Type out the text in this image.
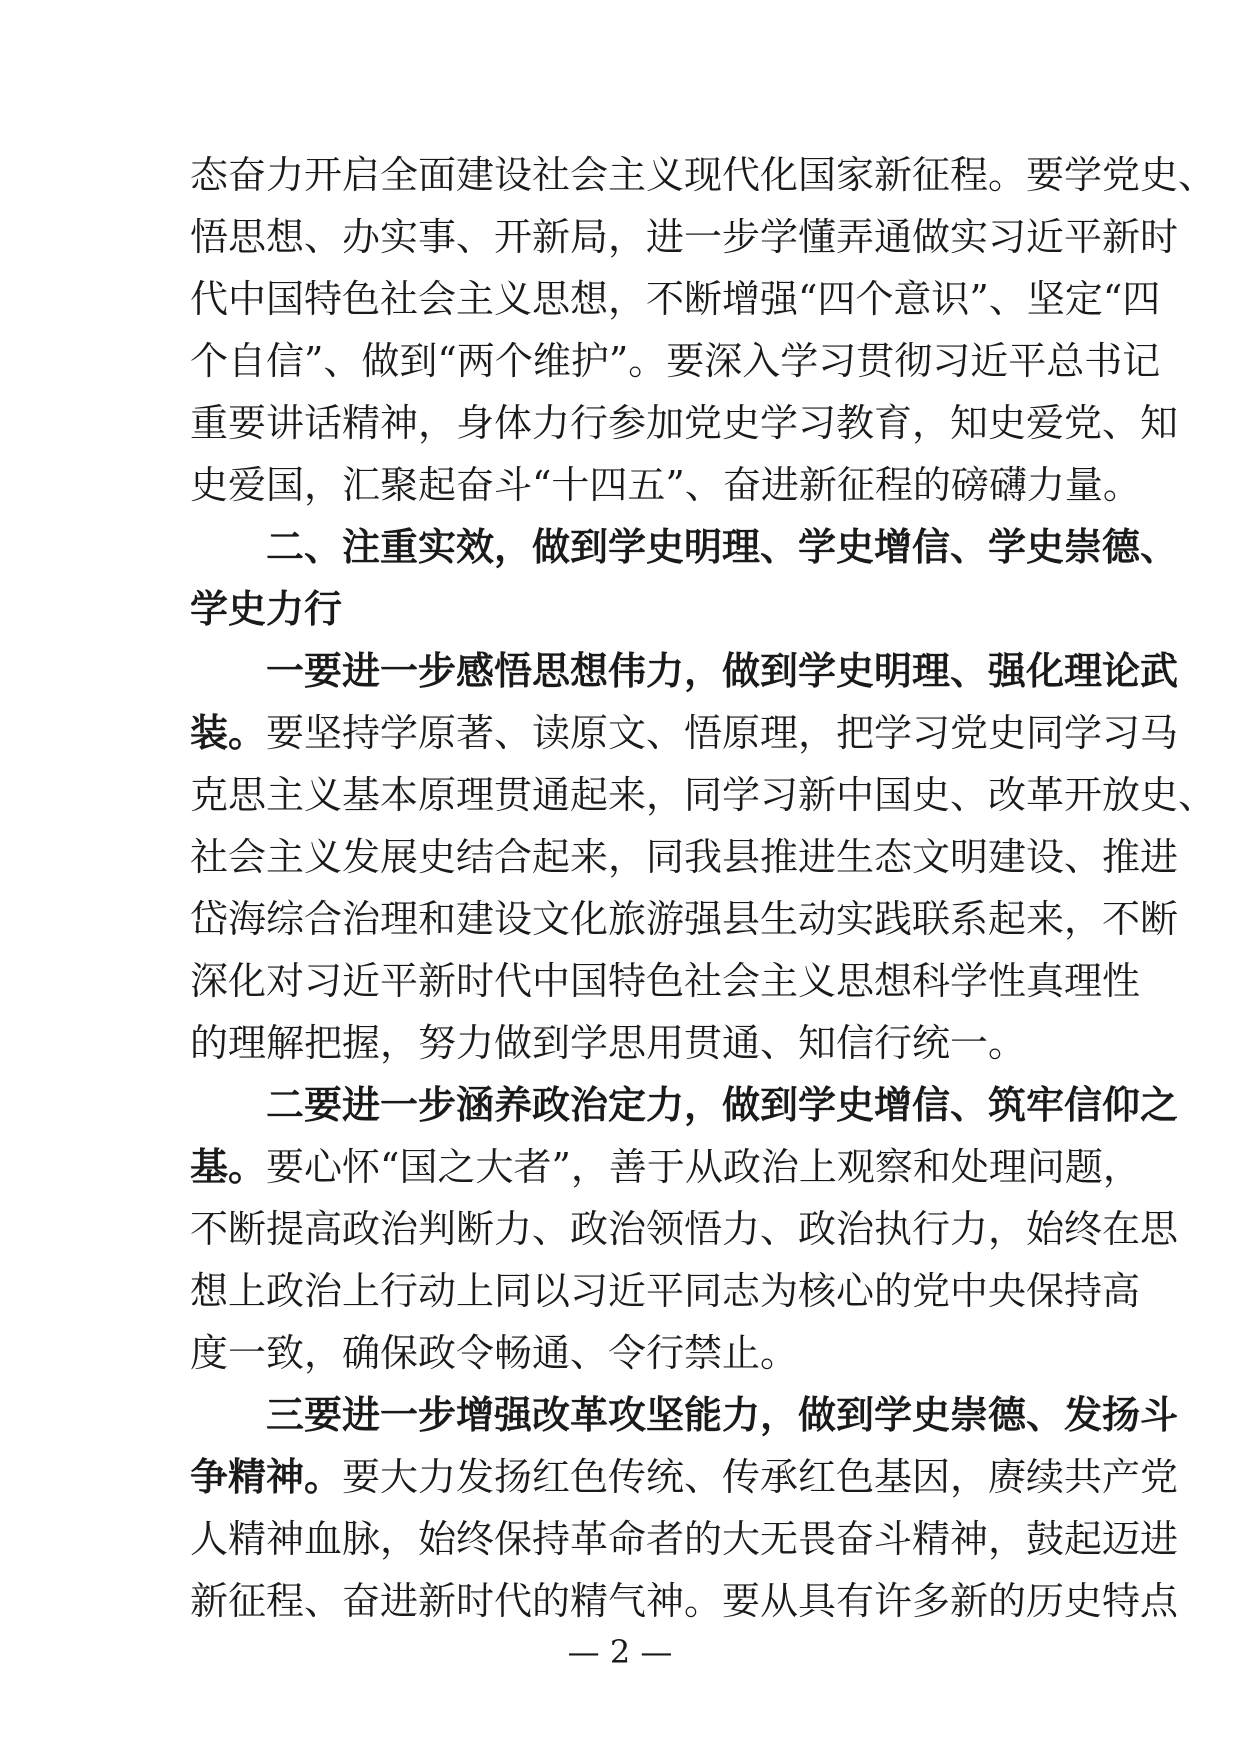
态奋力开启全面建设社会主义现代化国家新征程。要学党史、
悟思想、办实事、开新局，进一步学懂弄通做实习近平新时
代中国特色社会主义思想，不断增强“四个意识”、坚定“四
个自信”、做到“两个维护”。要深入学习贯彻习近平总书记
重要讲话精神，身体力行参加党史学习教育，知史爱党、知
史爱国，汇聚起奋斗“十四五”、奋进新征程的磅礴力量。
二、注重实效，做到学史明理、学史增信、学史崇德、
学史力行
一要进一步感悟思想伟力，做到学史明理、强化理论武
装。要坚持学原著、读原文、悟原理，把学习党史同学习马
克思主义基本原理贯通起来，同学习新中国史、改革开放史、
社会主义发展史结合起来，同我县推进生态文明建设、推进
岱海综合治理和建设文化旅游强县生动实践联系起来，不断
深化对习近平新时代中国特色社会主义思想科学性真理性
的理解把握，努力做到学思用贯通、知信行统一。
二要进一步涵养政治定力，做到学史增信、筑牢信仰之
基。要心怀“国之大者”，善于从政治上观察和处理问题，
不断提高政治判断力、政治领悟力、政治执行力，始终在思
想上政治上行动上同以习近平同志为核心的党中央保持高
度一致，确保政令畅通、令行禁止。
三要进一步增强改革攻坚能力，做到学史崇德、发扬斗
争精神。要大力发扬红色传统、传承红色基因，赓续共产党
人精神血脉，始终保持革命者的大无畏奋斗精神，鼓起迈进
新征程、奋进新时代的精气神。要从具有许多新的历史特点
— 2 —
